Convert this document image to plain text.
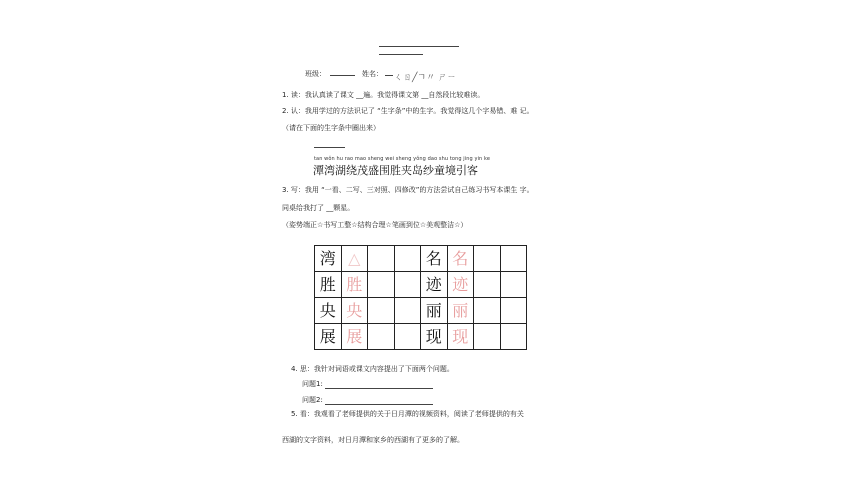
班级：	姓名： ㄑㄖ╱ㄱ〃 ㄕㄧ
1. 读：我认真读了课文 __遍。我觉得课文第 __自然段比较难读。
2. 认：我用学过的方法识记了 “生字条”中的生字。我觉得这几个字易错、难 记。
（请在下面的生字条中圈出来）
tan wŏn hu rao mao sheng wei sheng yŏng dao shu tong jing yin ke
潭湾湖绕茂盛围胜夹岛纱童境引客
3. 写：我用 “一看、二写、三对照、四修改”的方法尝试自己练习书写本课生 字。
同桌给我打了 __颗星。
（姿势端正☆书写工整☆结构合理☆笔画到位☆美观整洁☆）
湾	△			名	名		
胜	胜			迹	迹		
央	央			丽	丽		
展	展			现	现		
4. 思：我针对词语或课文内容提出了下面两个问题。
问题1:
问题2:
5. 看：我观看了老师提供的关于日月潭的视频资料，阅读了老师提供的有关
西湖的文字资料，对日月潭和家乡的西湖有了更多的了解。
